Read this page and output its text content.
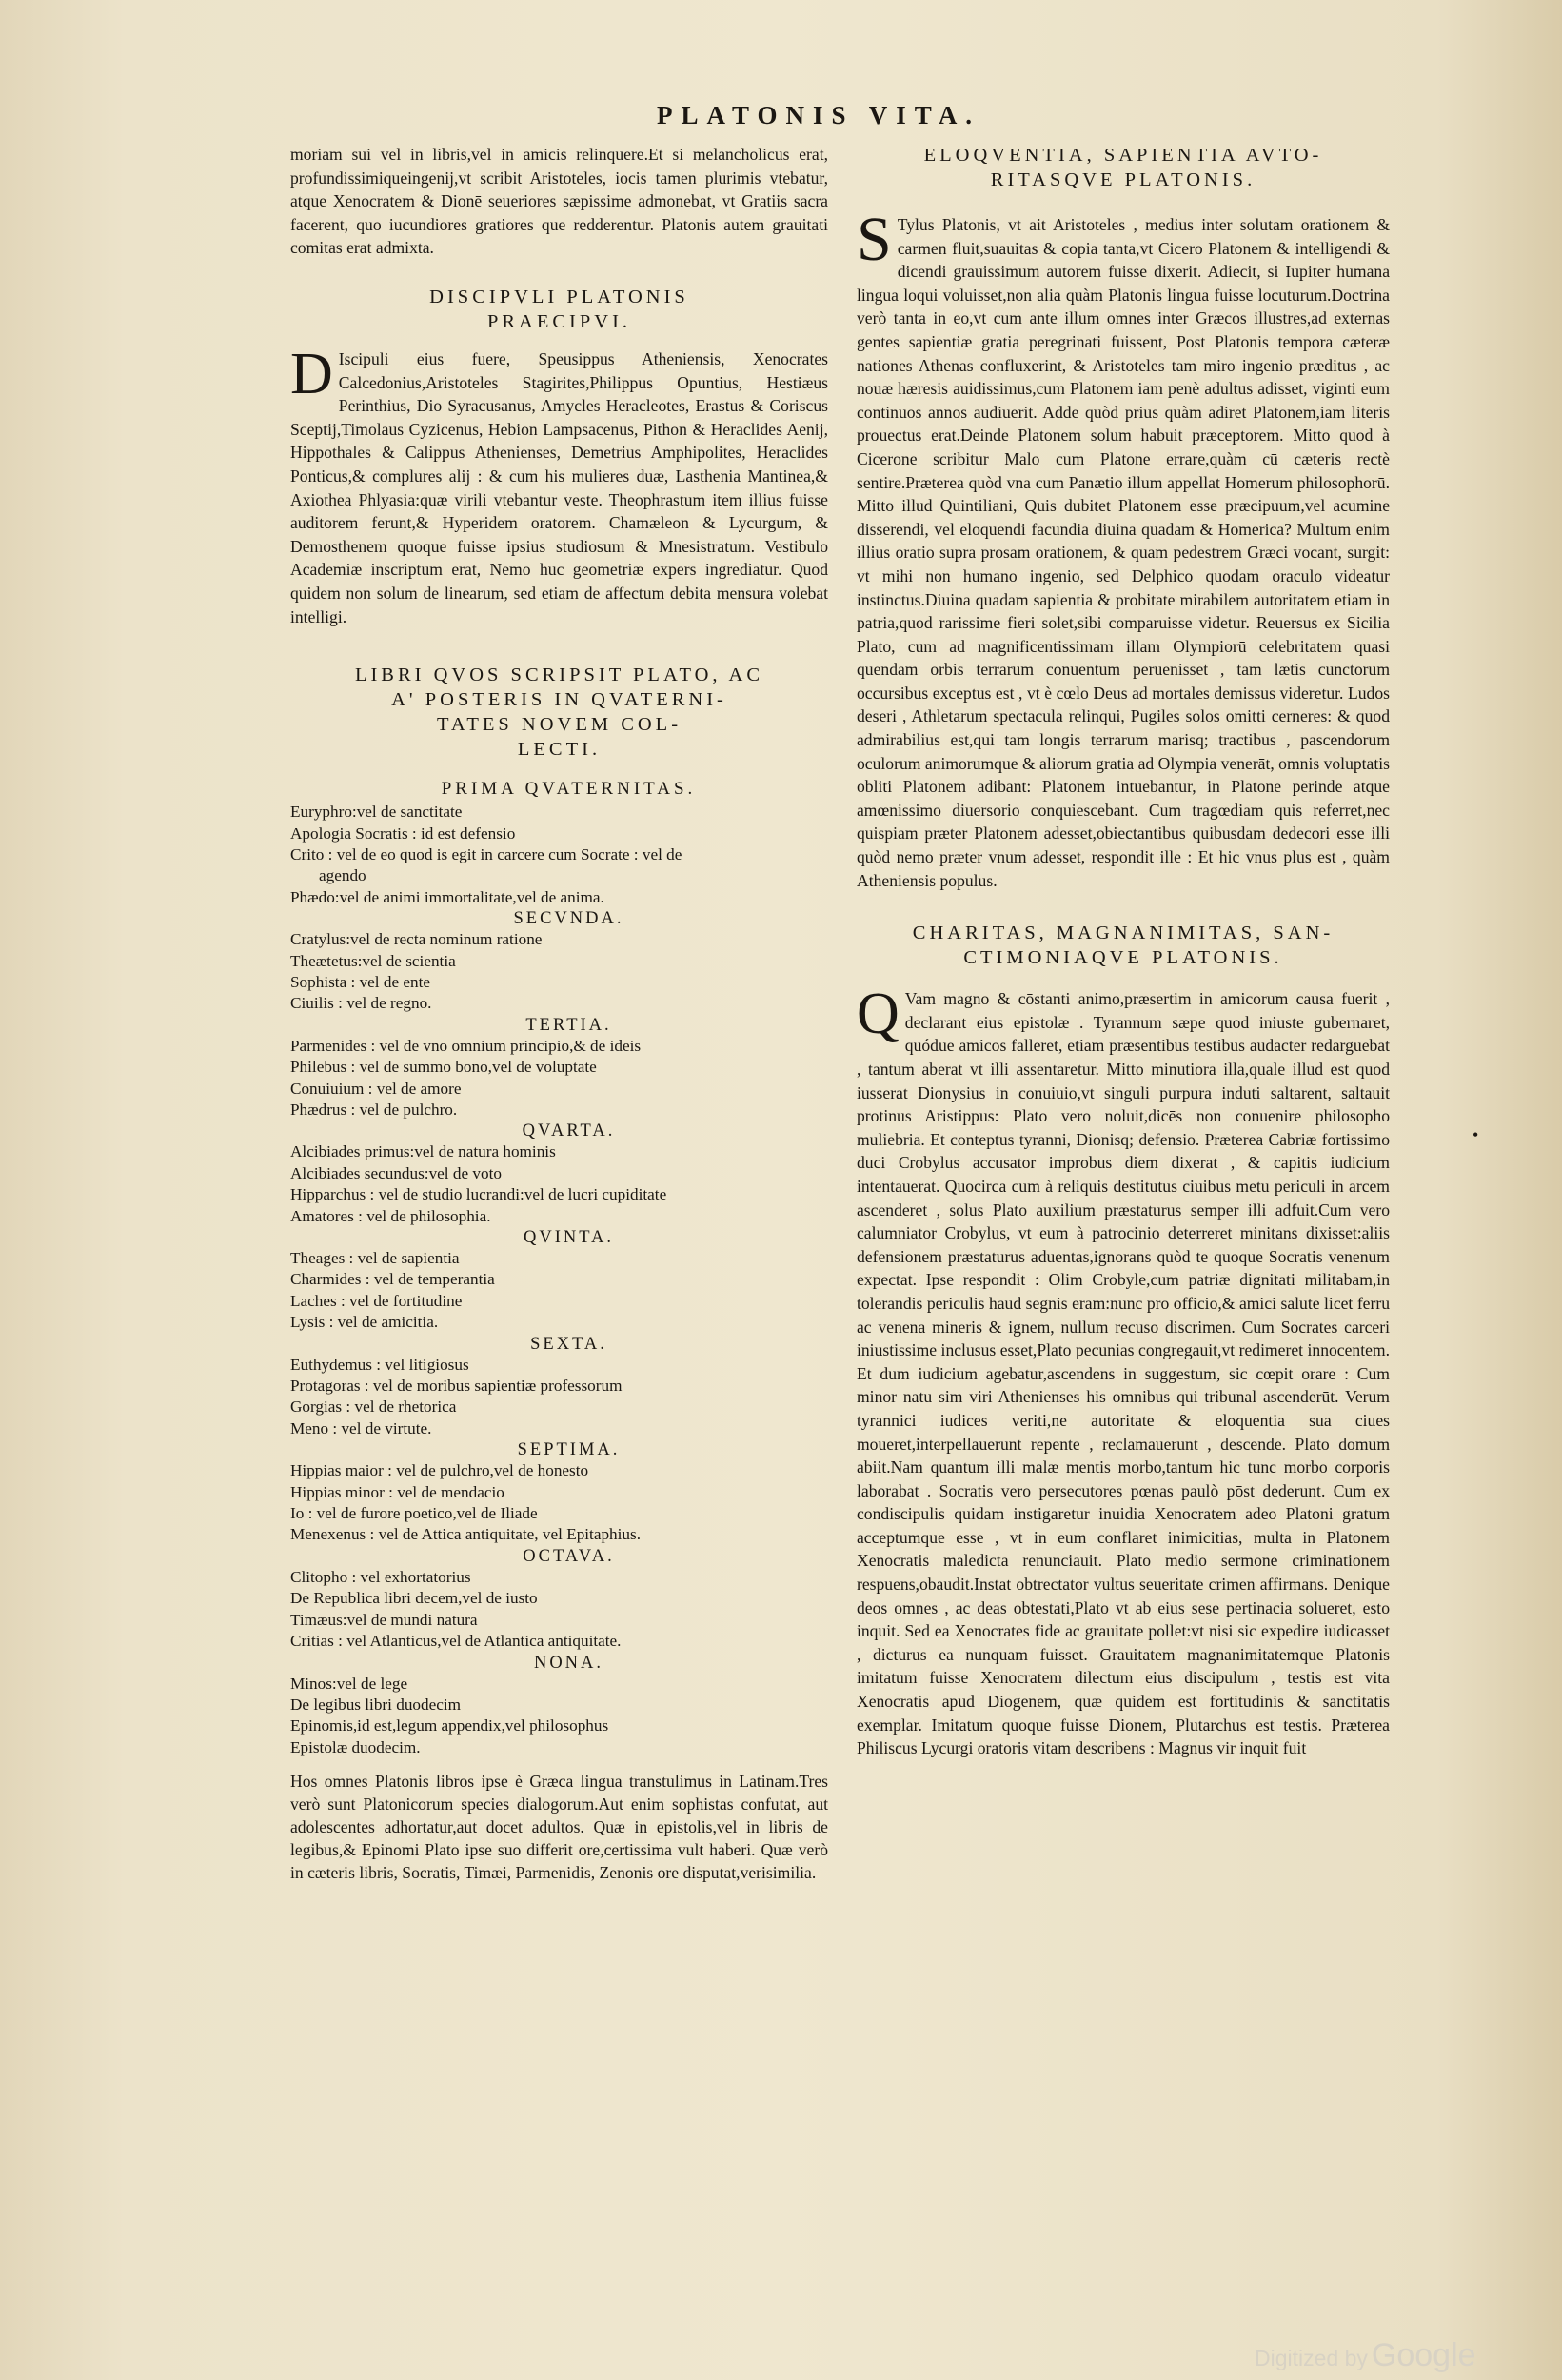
PLATONIS VITA.

moriam sui vel in libris,vel in amicis relinquere.Et si melancholicus erat, profundissimiqueingenij,vt scribit Aristoteles, iocis tamen plurimis vtebatur, atque Xenocratem & Dionē seueriores sæpissime admonebat, vt Gratiis sacra facerent, quo iucundiores gratiores que redderentur. Platonis autem grauitati comitas erat admixta.

DISCIPVLI PLATONIS
PRAECIPVI.

D Iscipuli eius fuere, Speusippus Atheniensis, Xenocrates Calcedonius,Aristoteles Stagirites,Philippus Opuntius, Hestiæus Perinthius, Dio Syracusanus, Amycles Heracleotes, Erastus & Coriscus Sceptij,Timolaus Cyzicenus, Hebion Lampsacenus, Pithon & Heraclides Aenij, Hippothales & Calippus Athenienses, Demetrius Amphipolites, Heraclides Ponticus,& complures alij : & cum his mulieres duæ, Lasthenia Mantinea,& Axiothea Phlyasia:quæ virili vtebantur veste. Theophrastum item illius fuisse auditorem ferunt,& Hyperidem oratorem. Chamæleon & Lycurgum, & Demosthenem quoque fuisse ipsius studiosum & Mnesistratum. Vestibulo Academiæ inscriptum erat, Nemo huc geometriæ expers ingrediatur. Quod quidem non solum de linearum, sed etiam de affectum debita mensura volebat intelligi.

LIBRI QVOS SCRIPSIT PLATO, AC
A' POSTERIS IN QVATERNI-
TATES NOVEM COL-
LECTI.
PRIMA QVATERNITAS.
Euryphro:vel de sanctitate
Apologia Socratis : id est defensio
Crito : vel de eo quod is egit in carcere cum Socrate : vel de
agendo
Phædo:vel de animi immortalitate,vel de anima.
SECVNDA.
Cratylus:vel de recta nominum ratione
Theætetus:vel de scientia
Sophista : vel de ente
Ciuilis : vel de regno.
TERTIA.
Parmenides : vel de vno omnium principio,& de ideis
Philebus : vel de summo bono,vel de voluptate
Conuiuium : vel de amore
Phædrus : vel de pulchro.
QVARTA.
Alcibiades primus:vel de natura hominis
Alcibiades secundus:vel de voto
Hipparchus : vel de studio lucrandi:vel de lucri cupiditate
Amatores : vel de philosophia.
QVINTA.
Theages : vel de sapientia
Charmides : vel de temperantia
Laches : vel de fortitudine
Lysis : vel de amicitia.
SEXTA.
Euthydemus : vel litigiosus
Protagoras : vel de moribus sapientiæ professorum
Gorgias : vel de rhetorica
Meno : vel de virtute.
SEPTIMA.
Hippias maior : vel de pulchro,vel de honesto
Hippias minor : vel de mendacio
Io : vel de furore poetico,vel de Iliade
Menexenus : vel de Attica antiquitate, vel Epitaphius.
OCTAVA.
Clitopho : vel exhortatorius
De Republica libri decem,vel de iusto
Timæus:vel de mundi natura
Critias : vel Atlanticus,vel de Atlantica antiquitate.
NONA.
Minos:vel de lege
De legibus libri duodecim
Epinomis,id est,legum appendix,vel philosophus
Epistolæ duodecim.

Hos omnes Platonis libros ipse è Græca lingua transtulimus in Latinam.Tres verò sunt Platonicorum species dialogorum.Aut enim sophistas confutat, aut adolescentes adhortatur,aut docet adultos. Quæ in epistolis,vel in libris de legibus,& Epinomi Plato ipse suo differit ore,certissima vult haberi. Quæ verò in cæteris libris, Socratis, Timæi, Parmenidis, Zenonis ore disputat,verisimilia.

ELOQVENTIA, SAPIENTIA AVTO-
RITASQVE PLATONIS.

S Tylus Platonis, vt ait Aristoteles , medius inter solutam orationem & carmen fluit,suauitas & copia tanta,vt Cicero Platonem & intelligendi & dicendi grauissimum autorem fuisse dixerit. Adiecit, si Iupiter humana lingua loqui voluisset,non alia quàm Platonis lingua fuisse locuturum.Doctrina verò tanta in eo,vt cum ante illum omnes inter Græcos illustres,ad externas gentes sapientiæ gratia peregrinati fuissent, Post Platonis tempora cæteræ nationes Athenas confluxerint, & Aristoteles tam miro ingenio præditus , ac nouæ hæresis auidissimus,cum Platonem iam penè adultus adisset, viginti eum continuos annos audiuerit. Adde quòd prius quàm adiret Platonem,iam literis prouectus erat.Deinde Platonem solum habuit præceptorem. Mitto quod à Cicerone scribitur Malo cum Platone errare,quàm cū cæteris rectè sentire.Præterea quòd vna cum Panætio illum appellat Homerum philosophorū. Mitto illud Quintiliani, Quis dubitet Platonem esse præcipuum,vel acumine disserendi, vel eloquendi facundia diuina quadam & Homerica? Multum enim illius oratio supra prosam orationem, & quam pedestrem Græci vocant, surgit: vt mihi non humano ingenio, sed Delphico quodam oraculo videatur instinctus.Diuina quadam sapientia & probitate mirabilem autoritatem etiam in patria,quod rarissime fieri solet,sibi comparuisse videtur. Reuersus ex Sicilia Plato, cum ad magnificentissimam illam Olympiorū celebritatem quasi quendam orbis terrarum conuentum peruenisset , tam lætis cunctorum occursibus exceptus est , vt è cœlo Deus ad mortales demissus videretur. Ludos deseri , Athletarum spectacula relinqui, Pugiles solos omitti cerneres: & quod admirabilius est,qui tam longis terrarum marisq; tractibus , pascendorum oculorum animorumque & aliorum gratia ad Olympia venerāt, omnis voluptatis obliti Platonem adibant: Platonem intuebantur, in Platone perinde atque amœnissimo diuersorio conquiescebant. Cum tragœdiam quis referret,nec quispiam præter Platonem adesset,obiectantibus quibusdam dedecori esse illi quòd nemo præter vnum adesset, respondit ille : Et hic vnus plus est , quàm Atheniensis populus.

CHARITAS, MAGNANIMITAS, SAN-
CTIMONIAQVE PLATONIS.

Q Vam magno & cōstanti animo,præsertim in amicorum causa fuerit , declarant eius epistolæ . Tyrannum sæpe quod iniuste gubernaret, quódue amicos falleret, etiam præsentibus testibus audacter redarguebat , tantum aberat vt illi assentaretur. Mitto minutiora illa,quale illud est quod iusserat Dionysius in conuiuio,vt singuli purpura induti saltarent, saltauit protinus Aristippus: Plato vero noluit,dicēs non conuenire philosopho muliebria. Et conteptus tyranni, Dionisq; defensio. Præterea Cabriæ fortissimo duci Crobylus accusator improbus diem dixerat , & capitis iudicium intentauerat. Quocirca cum à reliquis destitutus ciuibus metu periculi in arcem ascenderet , solus Plato auxilium præstaturus semper illi adfuit.Cum vero calumniator Crobylus, vt eum à patrocinio deterreret minitans dixisset:aliis defensionem præstaturus aduentas,ignorans quòd te quoque Socratis venenum expectat. Ipse respondit : Olim Crobyle,cum patriæ dignitati militabam,in tolerandis periculis haud segnis eram:nunc pro officio,& amici salute licet ferrū ac venena mineris & ignem, nullum recuso discrimen. Cum Socrates carceri iniustissime inclusus esset,Plato pecunias congregauit,vt redimeret innocentem. Et dum iudicium agebatur,ascendens in suggestum, sic cœpit orare : Cum minor natu sim viri Athenienses his omnibus qui tribunal ascenderūt. Verum tyrannici iudices veriti,ne autoritate & eloquentia sua ciues moueret,interpellauerunt repente , reclamauerunt , descende. Plato domum abiit.Nam quantum illi malæ mentis morbo,tantum hic tunc morbo corporis laborabat . Socratis vero persecutores pœnas paulò pōst dederunt. Cum ex condiscipulis quidam instigaretur inuidia Xenocratem adeo Platoni gratum acceptumque esse , vt in eum conflaret inimicitias, multa in Platonem Xenocratis maledicta renunciauit. Plato medio sermone criminationem respuens,obaudit.Instat obtrectator vultus seueritate crimen affirmans. Denique deos omnes , ac deas obtestati,Plato vt ab eius sese pertinacia solueret, esto inquit. Sed ea Xenocrates fide ac grauitate pollet:vt nisi sic expedire iudicasset , dicturus ea nunquam fuisset. Grauitatem magnanimitatemque Platonis imitatum fuisse Xenocratem dilectum eius discipulum , testis est vita Xenocratis apud Diogenem, quæ quidem est fortitudinis & sanctitatis exemplar. Imitatum quoque fuisse Dionem, Plutarchus est testis. Præterea Philiscus Lycurgi oratoris vitam describens : Magnus vir inquit fuit

•
Digitized by Google
